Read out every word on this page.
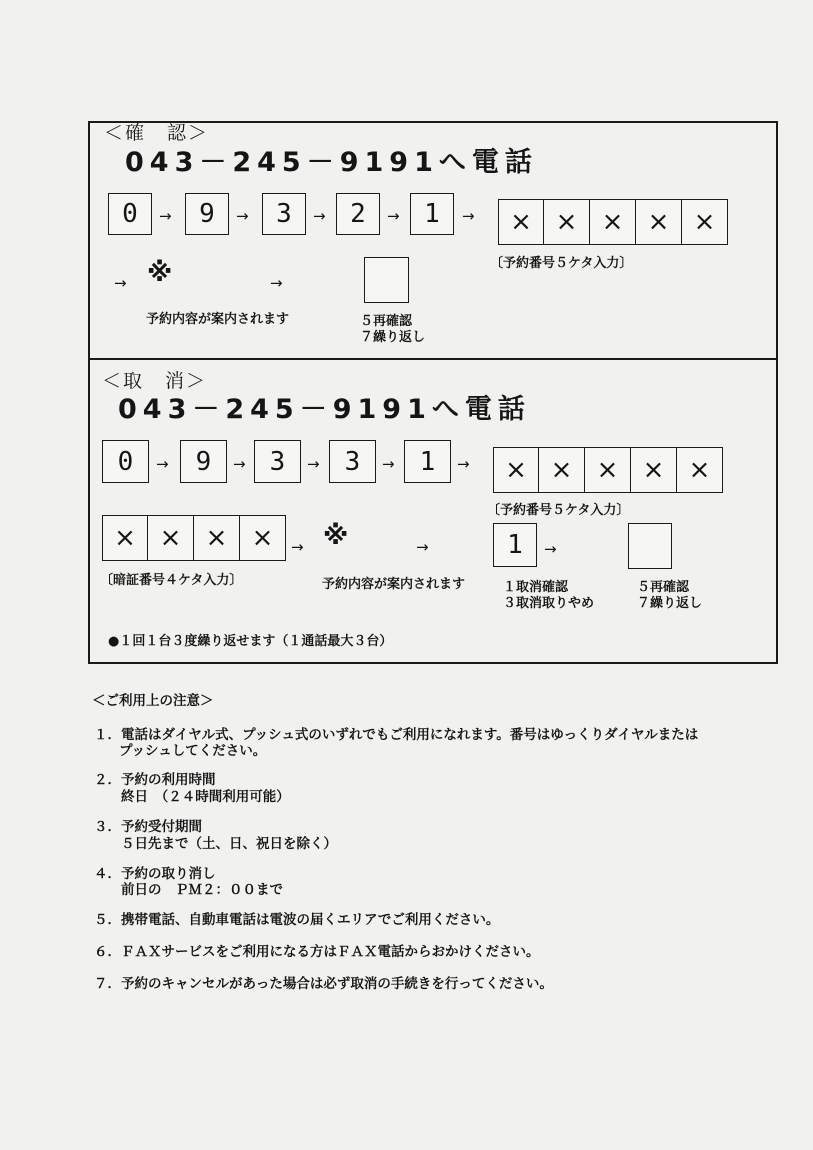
＜確　認＞
043－245－9191へ電話
0	→	9	→	3	→ 2	→ 1	→	× × × × ×
〔予約番号５ケタ入力〕
→ ※	→
予約内容が案内されます	５再確認
７繰り返し
＜取　消＞
043－245－9191へ電話
0	→	9	→ 3	→ 3	→ 1	→	× × × × ×
〔予約番号５ケタ入力〕
× × × ×	→ ※	→	1	→
〔暗証番号４ケタ入力〕	予約内容が案内されます	１取消確認
３取消取りやめ
５再確認
７繰り返し
●１回１台３度繰り返せます（１通話最大３台）
＜ご利用上の注意＞
１．電話はダイヤル式、プッシュ式のいずれでもご利用になれます。番号はゆっくりダイヤルまたは
プッシュしてください。
２．予約の利用時間
終日　（２４時間利用可能）
３．予約受付期間
５日先まで（土、日、祝日を除く）
４．予約の取り消し
前日の　ＰＭ２：００まで
５．携帯電話、自動車電話は電波の届くエリアでご利用ください。
６．ＦＡＸサービスをご利用になる方はＦＡＸ電話からおかけください。
７．予約のキャンセルがあった場合は必ず取消の手続きを行ってください。
